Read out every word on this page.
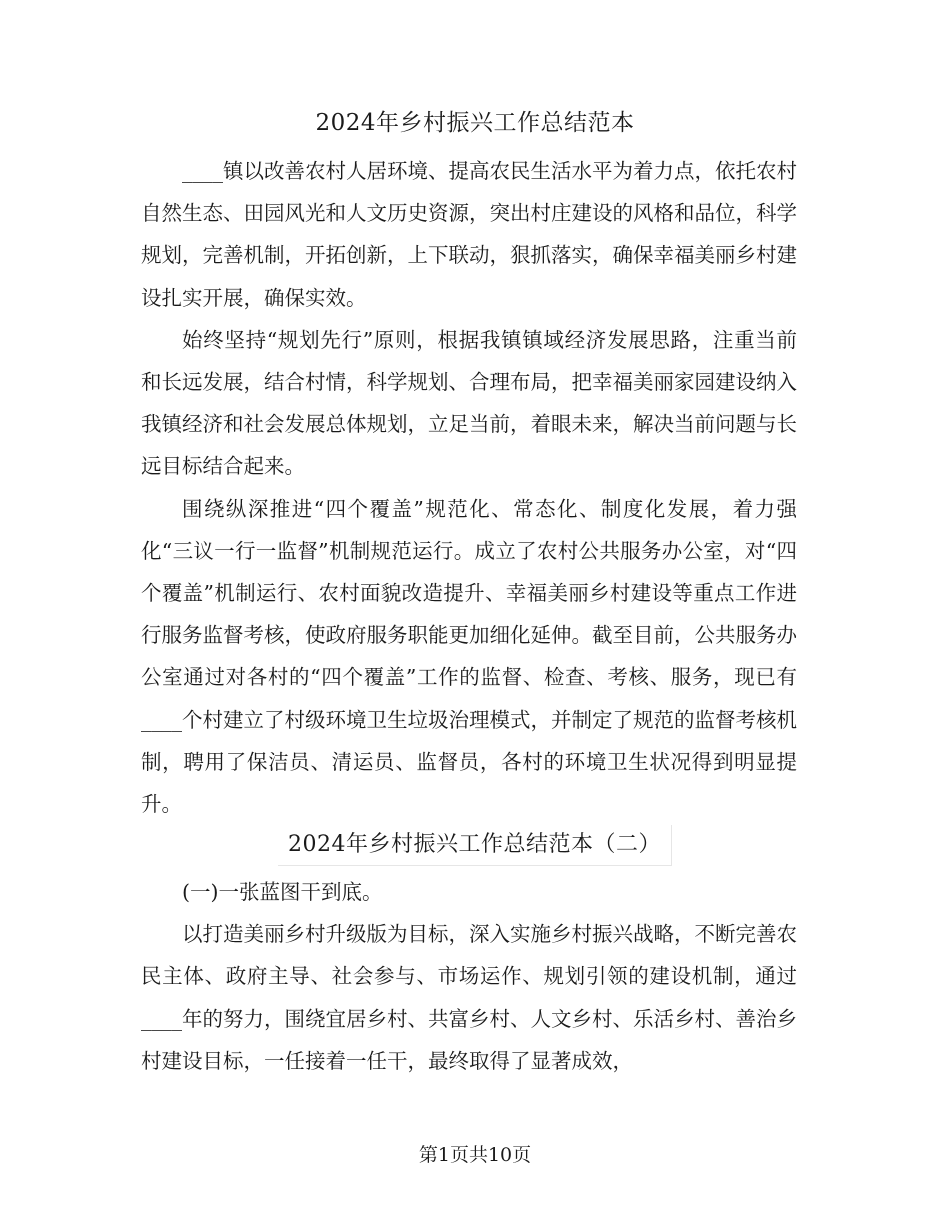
2024年乡村振兴工作总结范本

____镇以改善农村人居环境、提高农民生活水平为着力点，依托农村自然生态、田园风光和人文历史资源，突出村庄建设的风格和品位，科学规划，完善机制，开拓创新，上下联动，狠抓落实，确保幸福美丽乡村建设扎实开展，确保实效。

始终坚持“规划先行”原则，根据我镇镇域经济发展思路，注重当前和长远发展，结合村情，科学规划、合理布局，把幸福美丽家园建设纳入我镇经济和社会发展总体规划，立足当前，着眼未来，解决当前问题与长远目标结合起来。

围绕纵深推进“四个覆盖”规范化、常态化、制度化发展，着力强化“三议一行一监督”机制规范运行。成立了农村公共服务办公室，对“四个覆盖”机制运行、农村面貌改造提升、幸福美丽乡村建设等重点工作进行服务监督考核，使政府服务职能更加细化延伸。截至目前，公共服务办公室通过对各村的“四个覆盖”工作的监督、检查、考核、服务，现已有____个村建立了村级环境卫生垃圾治理模式，并制定了规范的监督考核机制，聘用了保洁员、清运员、监督员，各村的环境卫生状况得到明显提升。

2024年乡村振兴工作总结范本（二）

(一)一张蓝图干到底。

以打造美丽乡村升级版为目标，深入实施乡村振兴战略，不断完善农民主体、政府主导、社会参与、市场运作、规划引领的建设机制，通过____年的努力，围绕宜居乡村、共富乡村、人文乡村、乐活乡村、善治乡村建设目标，一任接着一任干，最终取得了显著成效，

第1页共10页
